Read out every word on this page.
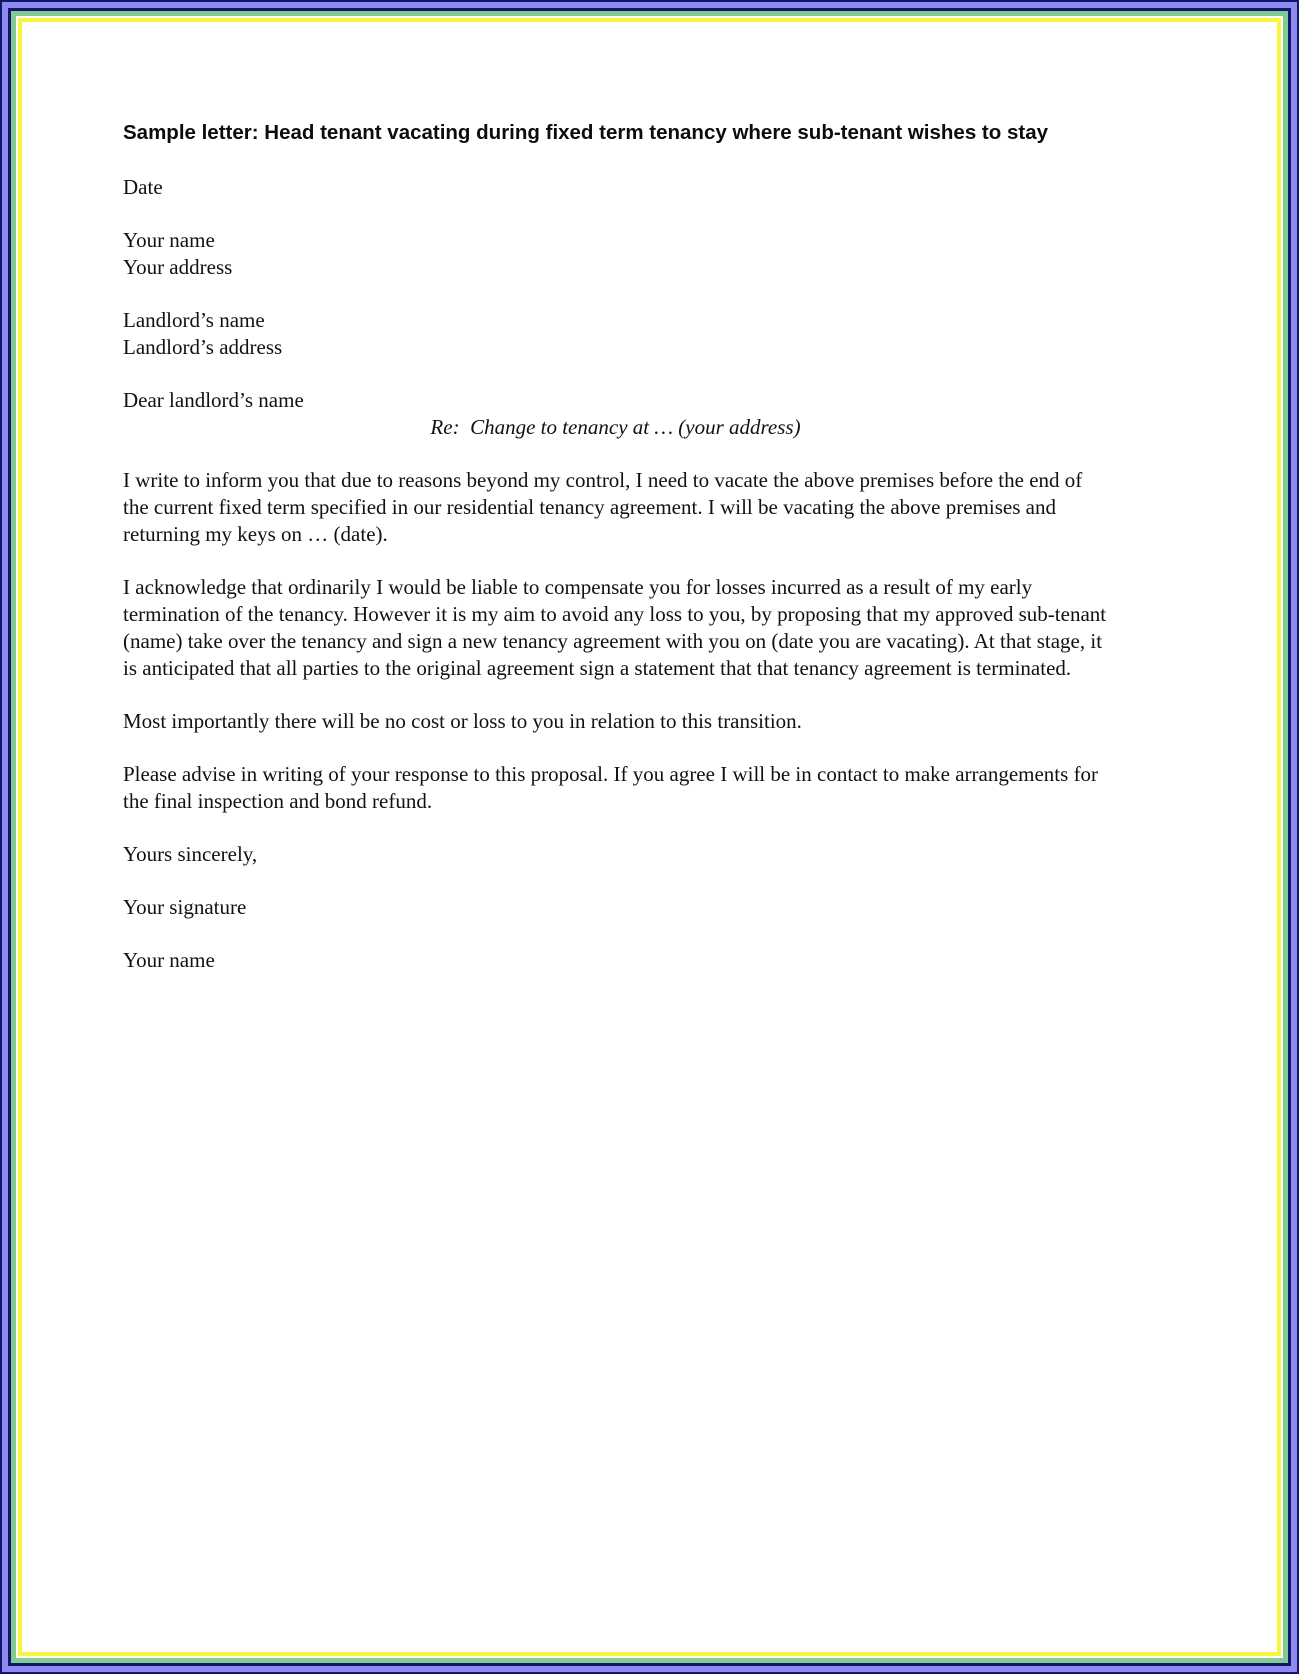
Sample letter: Head tenant vacating during fixed term tenancy where sub-tenant wishes to stay

Date

Your name
Your address
Landlord’s name
Landlord’s address
Dear landlord’s name

Re:  Change to tenancy at … (your address)

I write to inform you that due to reasons beyond my control, I need to vacate the above premises before the end of the current fixed term specified in our residential tenancy agreement. I will be vacating the above premises and returning my keys on … (date).

I acknowledge that ordinarily I would be liable to compensate you for losses incurred as a result of my early termination of the tenancy. However it is my aim to avoid any loss to you, by proposing that my approved sub-tenant (name) take over the tenancy and sign a new tenancy agreement with you on (date you are vacating). At that stage, it is anticipated that all parties to the original agreement sign a statement that that tenancy agreement is terminated.

Most importantly there will be no cost or loss to you in relation to this transition.

Please advise in writing of your response to this proposal. If you agree I will be in contact to make arrangements for the final inspection and bond refund.

Yours sincerely,

Your signature

Your name
